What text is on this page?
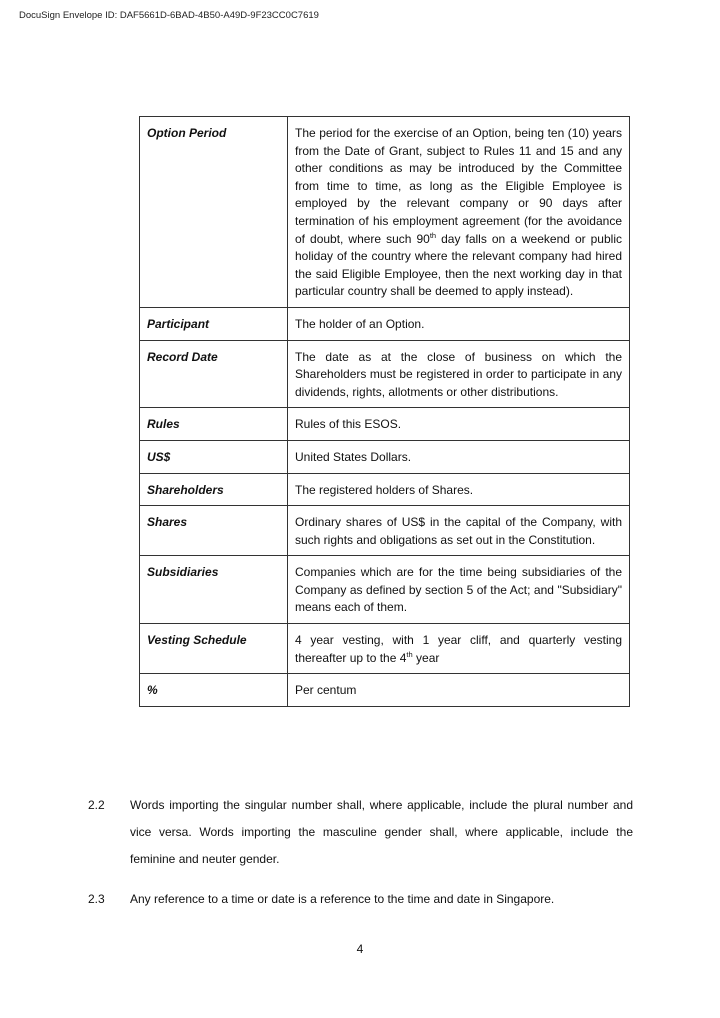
DocuSign Envelope ID: DAF5661D-6BAD-4B50-A49D-9F23CC0C7619
Option Period	The period for the exercise of an Option, being ten (10) years from the Date of Grant, subject to Rules 11 and 15 and any other conditions as may be introduced by the Committee from time to time, as long as the Eligible Employee is employed by the relevant company or 90 days after termination of his employment agreement (for the avoidance of doubt, where such 90th day falls on a weekend or public holiday of the country where the relevant company had hired the said Eligible Employee, then the next working day in that particular country shall be deemed to apply instead).
Participant	The holder of an Option.
Record Date	The date as at the close of business on which the Shareholders must be registered in order to participate in any dividends, rights, allotments or other distributions.
Rules	Rules of this ESOS.
US$	United States Dollars.
Shareholders	The registered holders of Shares.
Shares	Ordinary shares of US$ in the capital of the Company, with such rights and obligations as set out in the Constitution.
Subsidiaries	Companies which are for the time being subsidiaries of the Company as defined by section 5 of the Act; and "Subsidiary" means each of them.
Vesting Schedule	4 year vesting, with 1 year cliff, and quarterly vesting thereafter up to the 4th year
%	Per centum
2.2 Words importing the singular number shall, where applicable, include the plural number and vice versa. Words importing the masculine gender shall, where applicable, include the feminine and neuter gender.
2.3 Any reference to a time or date is a reference to the time and date in Singapore.
4
